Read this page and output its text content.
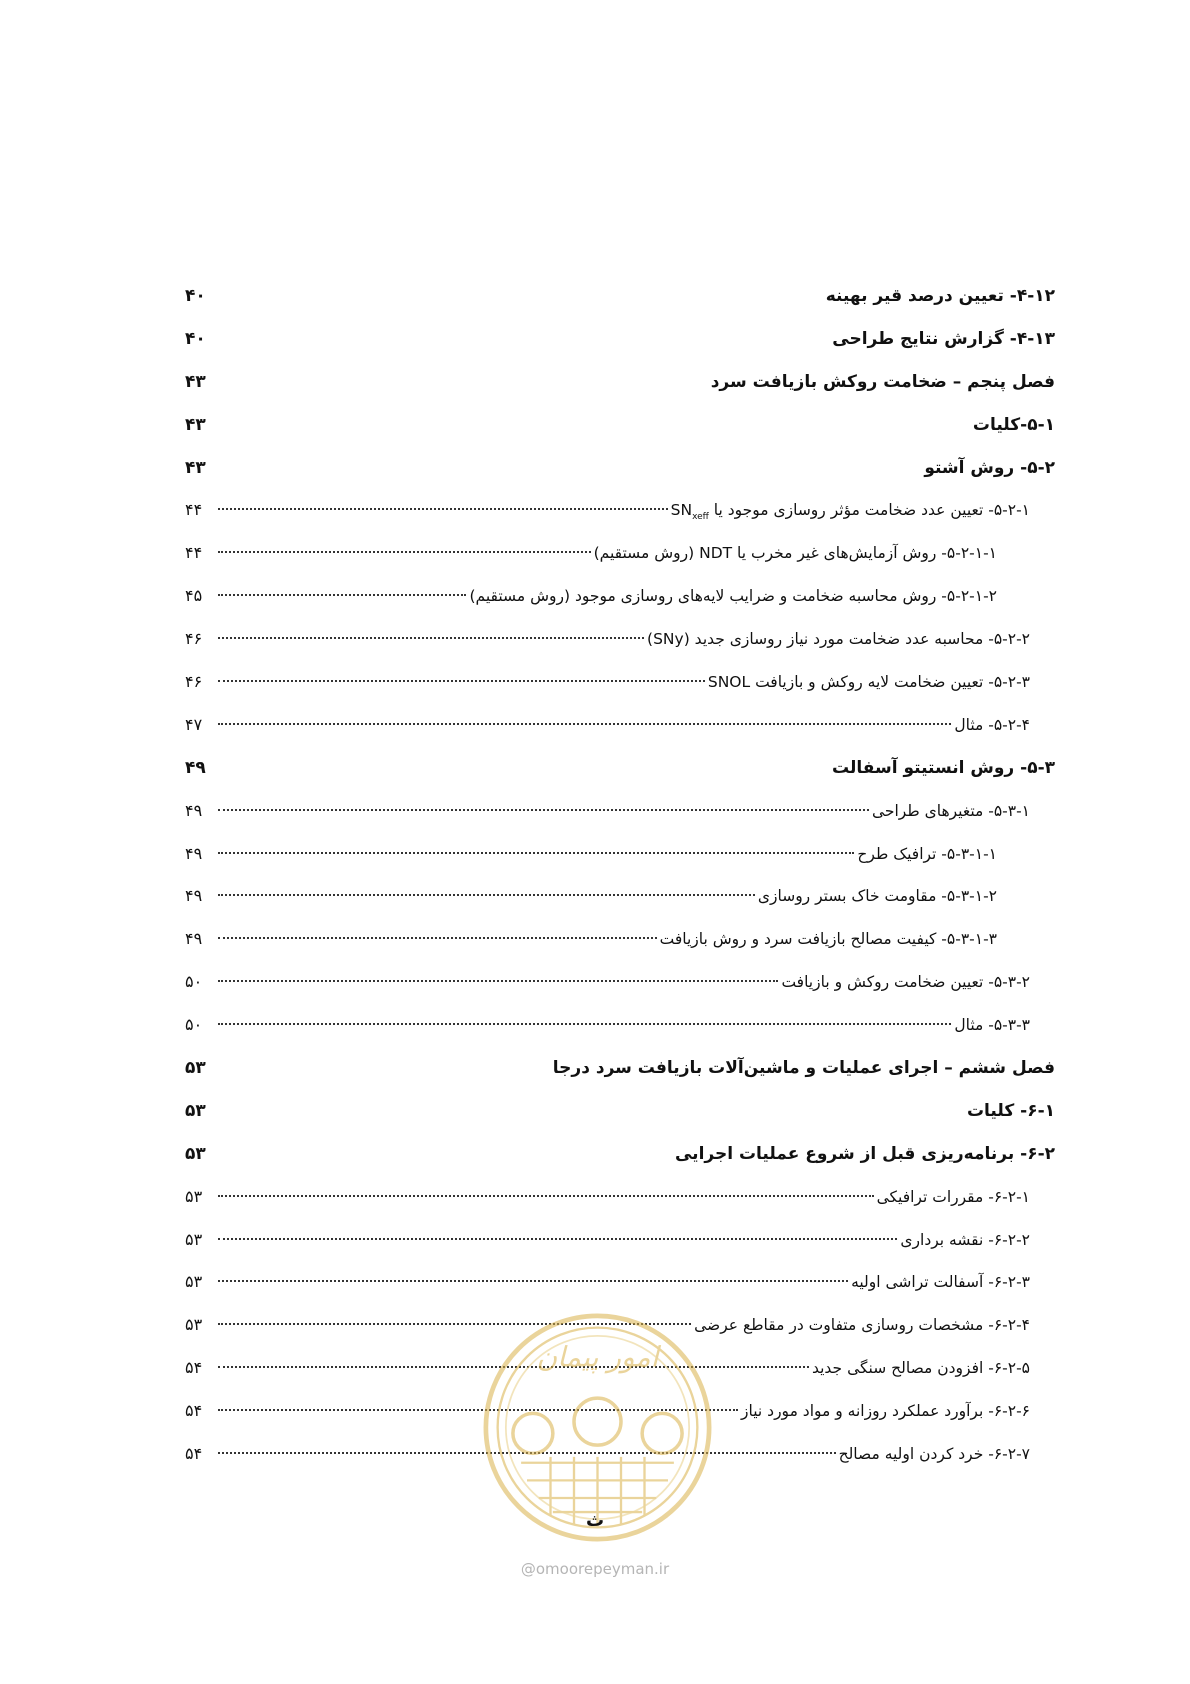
۴-۱۲- تعیین درصد قیر بهینه
۴۰
۴-۱۳- گزارش نتایج طراحی
۴۰
فصل پنجم – ضخامت روکش بازیافت سرد
۴۳
۵-۱-کلیات
۴۳
۵-۲- روش آشتو
۴۳
۵-۲-۱- تعیین عدد ضخامت مؤثر روسازی موجود یا $SN_{xeff}$
۴۴
۵-۲-۱-۱- روش آزمایش‌های غیر مخرب یا NDT (روش مستقیم)
۴۴
۵-۲-۱-۲- روش محاسبه ضخامت و ضرایب لایه‌های روسازی موجود (روش مستقیم)
۴۵
۵-۲-۲- محاسبه عدد ضخامت مورد نیاز روسازی جدید (SNy)
۴۶
۵-۲-۳- تعیین ضخامت لایه روکش و بازیافت SNOL
۴۶
۵-۲-۴- مثال
۴۷
۵-۳- روش انستیتو آسفالت
۴۹
۵-۳-۱- متغیرهای طراحی
۴۹
۵-۳-۱-۱- ترافیک طرح
۴۹
۵-۳-۱-۲- مقاومت خاک بستر روسازی
۴۹
۵-۳-۱-۳- کیفیت مصالح بازیافت سرد و روش بازیافت
۴۹
۵-۳-۲- تعیین ضخامت روکش و بازیافت
۵۰
۵-۳-۳- مثال
۵۰
فصل ششم – اجرای عملیات و ماشین‌آلات بازیافت سرد درجا
۵۳
۶-۱- کلیات
۵۳
۶-۲- برنامه‌ریزی قبل از شروع عملیات اجرایی
۵۳
۶-۲-۱- مقررات ترافیکی
۵۳
۶-۲-۲- نقشه برداری
۵۳
۶-۲-۳- آسفالت تراشی اولیه
۵۳
۶-۲-۴- مشخصات روسازی متفاوت در مقاطع عرضی
۵۳
۶-۲-۵- افزودن مصالح سنگی جدید
۵۴
۶-۲-۶- برآورد عملکرد روزانه و مواد مورد نیاز
۵۴
۶-۲-۷- خرد کردن اولیه مصالح
۵۴
امور پیمان
ث
@omoorepeyman.ir
